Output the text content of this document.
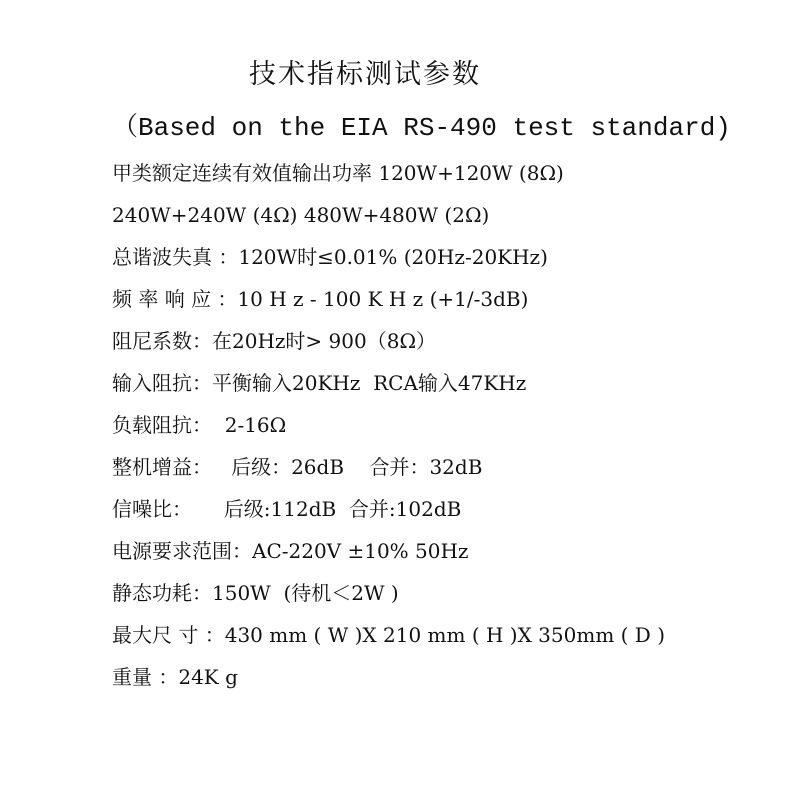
技术指标测试参数
（Based on the EIA RS-490 test standard)
甲类额定连续有效值输出功率 120W+120W (8Ω)
240W+240W (4Ω) 480W+480W (2Ω)
总谐波失真 ：120W时≤0.01% (20Hz-20KHz)
频 率 响 应 ：10 H z - 100 K H z (+1/-3dB)
阻尼系数：在20Hz时> 900（8Ω）
输入阻抗：平衡输入20KHz  RCA输入47KHz
负载阻抗：  2-16Ω
整机增益：   后级：26dB    合并：32dB
信噪比：     后级:112dB  合并:102dB
电源要求范围：AC-220V ±10% 50Hz
静态功耗：150W  (待机＜2W )
最大尺 寸 ：430 mm ( W )X 210 mm ( H )X 350mm ( D )
重量 ：24K g
